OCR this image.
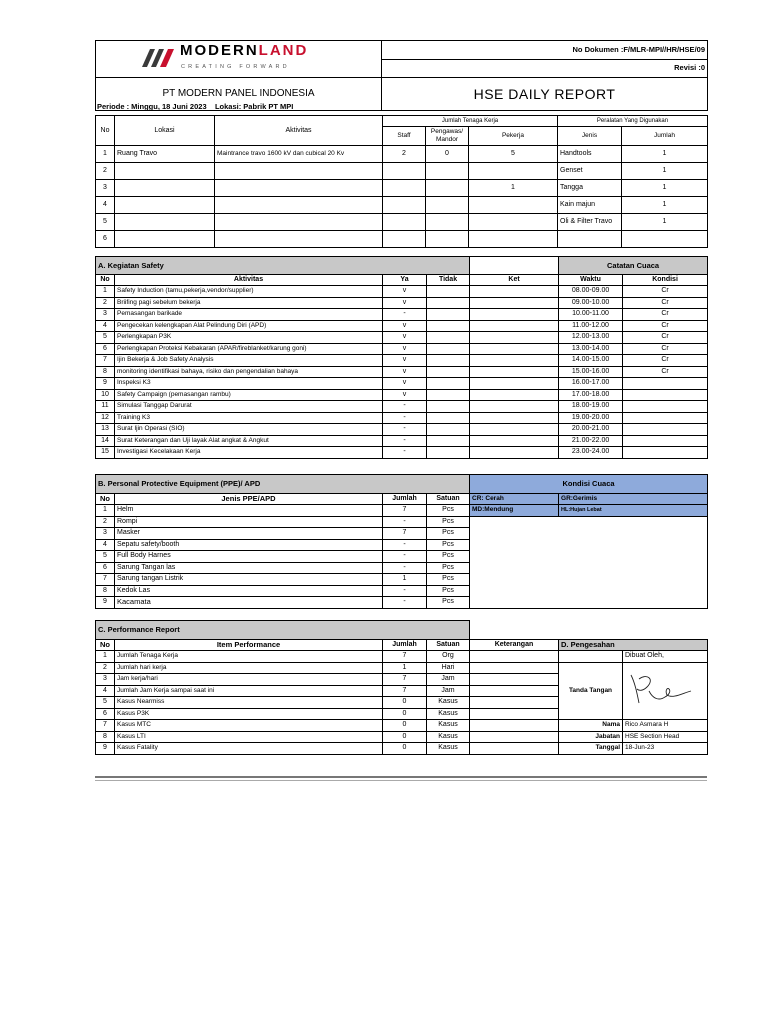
MODERNLAND
CREATING FORWARD	No Dokumen :F/MLR-MPI//HR/HSE/09
	Revisi :0
PT MODERN PANEL INDONESIA	HSE DAILY REPORT
Periode : Minggu, 18 Juni 2023 Lokasi: Pabrik PT MPI
No	Lokasi	Aktivitas	Jumlah Tenaga Kerja			Peralatan Yang Digunakan	
			Staff	Pengawas/ Mandor	Pekerja	Jenis	Jumlah
1	Ruang Travo	Maintrance travo 1600 kV dan cubical 20 Kv	2	0	5	Handtools	1
2						Genset	1
3					1	Tangga	1
4						Kain majun	1
5						Oli & Filter Travo	1
6							
A. Kegiatan Safety					Catatan Cuaca	
No	Aktivitas	Ya	Tidak	Ket	Waktu	Kondisi
1	Safety Induction (tamu,pekerja,vendor/supplier)	v			08.00-09.00	Cr
2	Briifing pagi sebelum bekerja	v			09.00-10.00	Cr
3	Pemasangan barikade	-			10.00-11.00	Cr
4	Pengecekan kelengkapan Alat Pelindung Diri (APD)	v			11.00-12.00	Cr
5	Perlengkapan P3K	v			12.00-13.00	Cr
6	Perlengkapan Proteksi Kebakaran (APAR/fireblanket/karung goni)	v			13.00-14.00	Cr
7	Ijin Bekerja & Job Safety Analysis	v			14.00-15.00	Cr
8	monitoring identifikasi bahaya, risiko dan pengendalian bahaya	v			15.00-16.00	Cr
9	Inspeksi K3	v			16.00-17.00	
10	Safety Campaign (pemasangan rambu)	v			17.00-18.00	
11	Simulasi Tanggap Darurat	-			18.00-19.00	
12	Training K3	-			19.00-20.00	
13	Surat Ijin Operasi (SIO)	-			20.00-21.00	
14	Surat Keterangan dan Uji layak Alat angkat & Angkut	-			21.00-22.00	
15	Investigasi Kecelakaan Kerja	-			23.00-24.00	
B. Personal Protective Equipment (PPE)/ APD				Kondisi Cuaca	
No	Jenis PPE/APD	Jumlah	Satuan	CR: Cerah	GR:Gerimis
1	Helm	7	Pcs	MD:Mendung	HL:Hujan Lebat
2	Rompi	-	Pcs		
3	Masker	7	Pcs		
4	Sepatu safety/booth	-	Pcs		
5	Full Body Harnes	-	Pcs		
6	Sarung Tangan las	-	Pcs		
7	Sarung tangan Listrik	1	Pcs		
8	Kedok Las	-	Pcs		
9	Kacamata	-	Pcs		
C. Performance Report						
No	Item Performance	Jumlah	Satuan	Keterangan	D. Pengesahan	
1	Jumlah Tenaga Kerja	7	Org			Dibuat Oleh,
2	Jumlah hari kerja	1	Hari		Tanda Tangan	
3	Jam kerja/hari	7	Jam			
4	Jumlah Jam Kerja sampai saat ini	7	Jam			
5	Kasus Nearmiss	0	Kasus			
6	Kasus P3K	0	Kasus			
7	Kasus MTC	0	Kasus		Nama	Rico Asmara H
8	Kasus LTI	0	Kasus		Jabatan	HSE Section Head
9	Kasus Fatality	0	Kasus		Tanggal	18-Jun-23
